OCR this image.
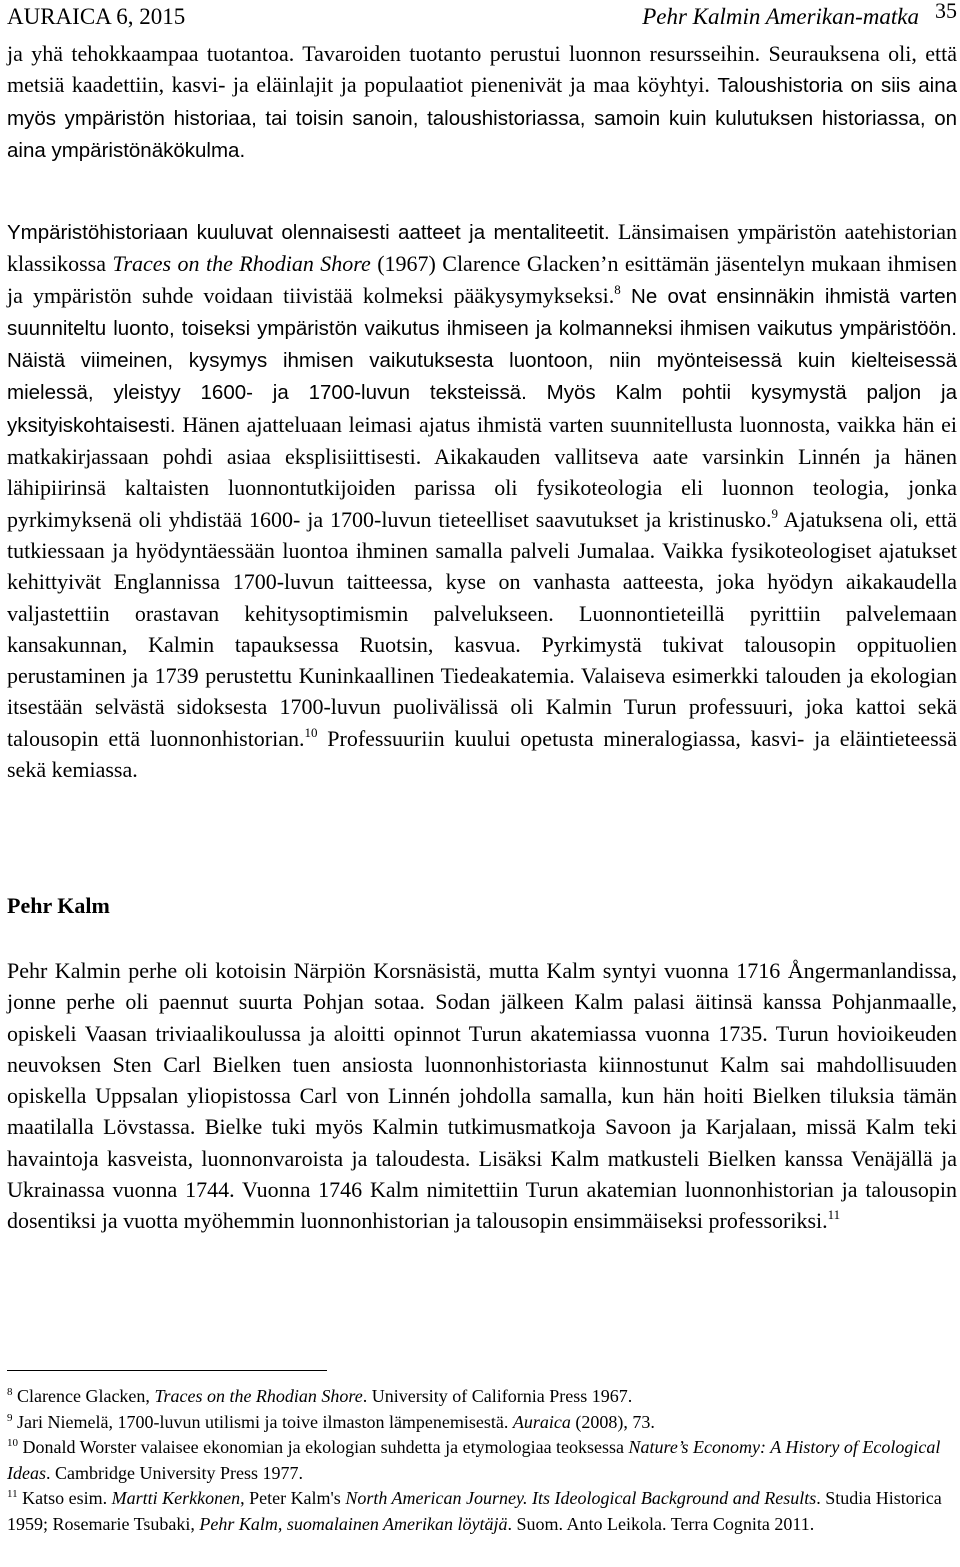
AURAICA 6, 2015	Pehr Kalmin Amerikan-matka 35

ja yhä tehokkaampaa tuotantoa. Tavaroiden tuotanto perustui luonnon resursseihin. Seurauksena oli, että metsiä kaadettiin, kasvi- ja eläinlajit ja populaatiot pienenivät ja maa köyhtyi. Taloushistoria on siis aina myös ympäristön historiaa, tai toisin sanoin, taloushistoriassa, samoin kuin kulutuksen historiassa, on aina ympäristönäkökulma.

Ympäristöhistoriaan kuuluvat olennaisesti aatteet ja mentaliteetit. Länsimaisen ympäristön aatehistorian klassikossa Traces on the Rhodian Shore (1967) Clarence Glacken’n esittämän jäsentelyn mukaan ihmisen ja ympäristön suhde voidaan tiivistää kolmeksi pääkysymykseksi.$^8$ Ne ovat ensinnäkin ihmistä varten suunniteltu luonto, toiseksi ympäristön vaikutus ihmiseen ja kolmanneksi ihmisen vaikutus ympäristöön. Näistä viimeinen, kysymys ihmisen vaikutuksesta luontoon, niin myönteisessä kuin kielteisessä mielessä, yleistyy 1600- ja 1700-luvun teksteissä. Myös Kalm pohtii kysymystä paljon ja yksityiskohtaisesti. Hänen ajatteluaan leimasi ajatus ihmistä varten suunnitellusta luonnosta, vaikka hän ei matkakirjassaan pohdi asiaa eksplisiittisesti. Aikakauden vallitseva aate varsinkin Linnén ja hänen lähipiirinsä kaltaisten luonnontutkijoiden parissa oli fysikoteologia eli luonnon teologia, jonka pyrkimyksenä oli yhdistää 1600- ja 1700-luvun tieteelliset saavutukset ja kristinusko.$^9$ Ajatuksena oli, että tutkiessaan ja hyödyntäessään luontoa ihminen samalla palveli Jumalaa. Vaikka fysikoteologiset ajatukset kehittyivät Englannissa 1700-luvun taitteessa, kyse on vanhasta aatteesta, joka hyödyn aikakaudella valjastettiin orastavan kehitysoptimismin palvelukseen. Luonnontieteillä pyrittiin palvelemaan kansakunnan, Kalmin tapauksessa Ruotsin, kasvua. Pyrkimystä tukivat talousopin oppituolien perustaminen ja 1739 perustettu Kuninkaallinen Tiedeakatemia. Valaiseva esimerkki talouden ja ekologian itsestään selvästä sidoksesta 1700-luvun puolivälissä oli Kalmin Turun professuuri, joka kattoi sekä talousopin että luonnonhistorian.$^{10}$ Professuuriin kuului opetusta mineralogiassa, kasvi- ja eläintieteessä sekä kemiassa.

Pehr Kalm

Pehr Kalmin perhe oli kotoisin Närpiön Korsnäsistä, mutta Kalm syntyi vuonna 1716 Ångermanlandissa, jonne perhe oli paennut suurta Pohjan sotaa. Sodan jälkeen Kalm palasi äitinsä kanssa Pohjanmaalle, opiskeli Vaasan triviaalikoulussa ja aloitti opinnot Turun akatemiassa vuonna 1735. Turun hovioikeuden neuvoksen Sten Carl Bielken tuen ansiosta luonnonhistoriasta kiinnostunut Kalm sai mahdollisuuden opiskella Uppsalan yliopistossa Carl von Linnén johdolla samalla, kun hän hoiti Bielken tiluksia tämän maatilalla Lövstassa. Bielke tuki myös Kalmin tutkimusmatkoja Savoon ja Karjalaan, missä Kalm teki havaintoja kasveista, luonnonvaroista ja taloudesta. Lisäksi Kalm matkusteli Bielken kanssa Venäjällä ja Ukrainassa vuonna 1744. Vuonna 1746 Kalm nimitettiin Turun akatemian luonnonhistorian ja talousopin dosentiksi ja vuotta myöhemmin luonnonhistorian ja talousopin ensimmäiseksi professoriksi.$^{11}$

$^8$ Clarence Glacken, Traces on the Rhodian Shore. University of California Press 1967.

$^9$ Jari Niemelä, 1700-luvun utilismi ja toive ilmaston lämpenemisestä. Auraica (2008), 73.

$^{10}$ Donald Worster valaisee ekonomian ja ekologian suhdetta ja etymologiaa teoksessa Nature’s Economy: A History of Ecological Ideas. Cambridge University Press 1977.

$^{11}$ Katso esim. Martti Kerkkonen, Peter Kalm's North American Journey. Its Ideological Background and Results. Studia Historica 1959; Rosemarie Tsubaki, Pehr Kalm, suomalainen Amerikan löytäjä. Suom. Anto Leikola. Terra Cognita 2011.
